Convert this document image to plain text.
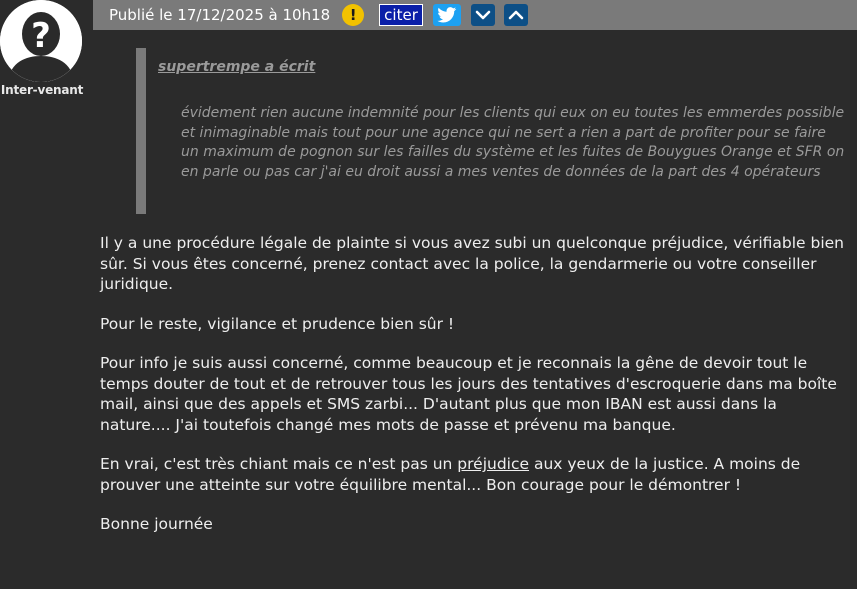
?
Inter-venant
Publié le 17/12/2025 à 10h18	!	citer
supertrempe a écrit
évidement rien aucune indemnité pour les clients qui eux on eu toutes les emmerdes possible et inimaginable mais tout pour une agence qui ne sert a rien a part de profiter pour se faire un maximum de pognon sur les failles du système et les fuites de Bouygues Orange et SFR on en parle ou pas car j'ai eu droit aussi a mes ventes de données de la part des 4 opérateurs

Il y a une procédure légale de plainte si vous avez subi un quelconque préjudice, vérifiable bien sûr. Si vous êtes concerné, prenez contact avec la police, la gendarmerie ou votre conseiller juridique.

Pour le reste, vigilance et prudence bien sûr !

Pour info je suis aussi concerné, comme beaucoup et je reconnais la gêne de devoir tout le temps douter de tout et de retrouver tous les jours des tentatives d'escroquerie dans ma boîte mail, ainsi que des appels et SMS zarbi... D'autant plus que mon IBAN est aussi dans la nature.... J'ai toutefois changé mes mots de passe et prévenu ma banque.

En vrai, c'est très chiant mais ce n'est pas un préjudice aux yeux de la justice. A moins de prouver une atteinte sur votre équilibre mental... Bon courage pour le démontrer !

Bonne journée
